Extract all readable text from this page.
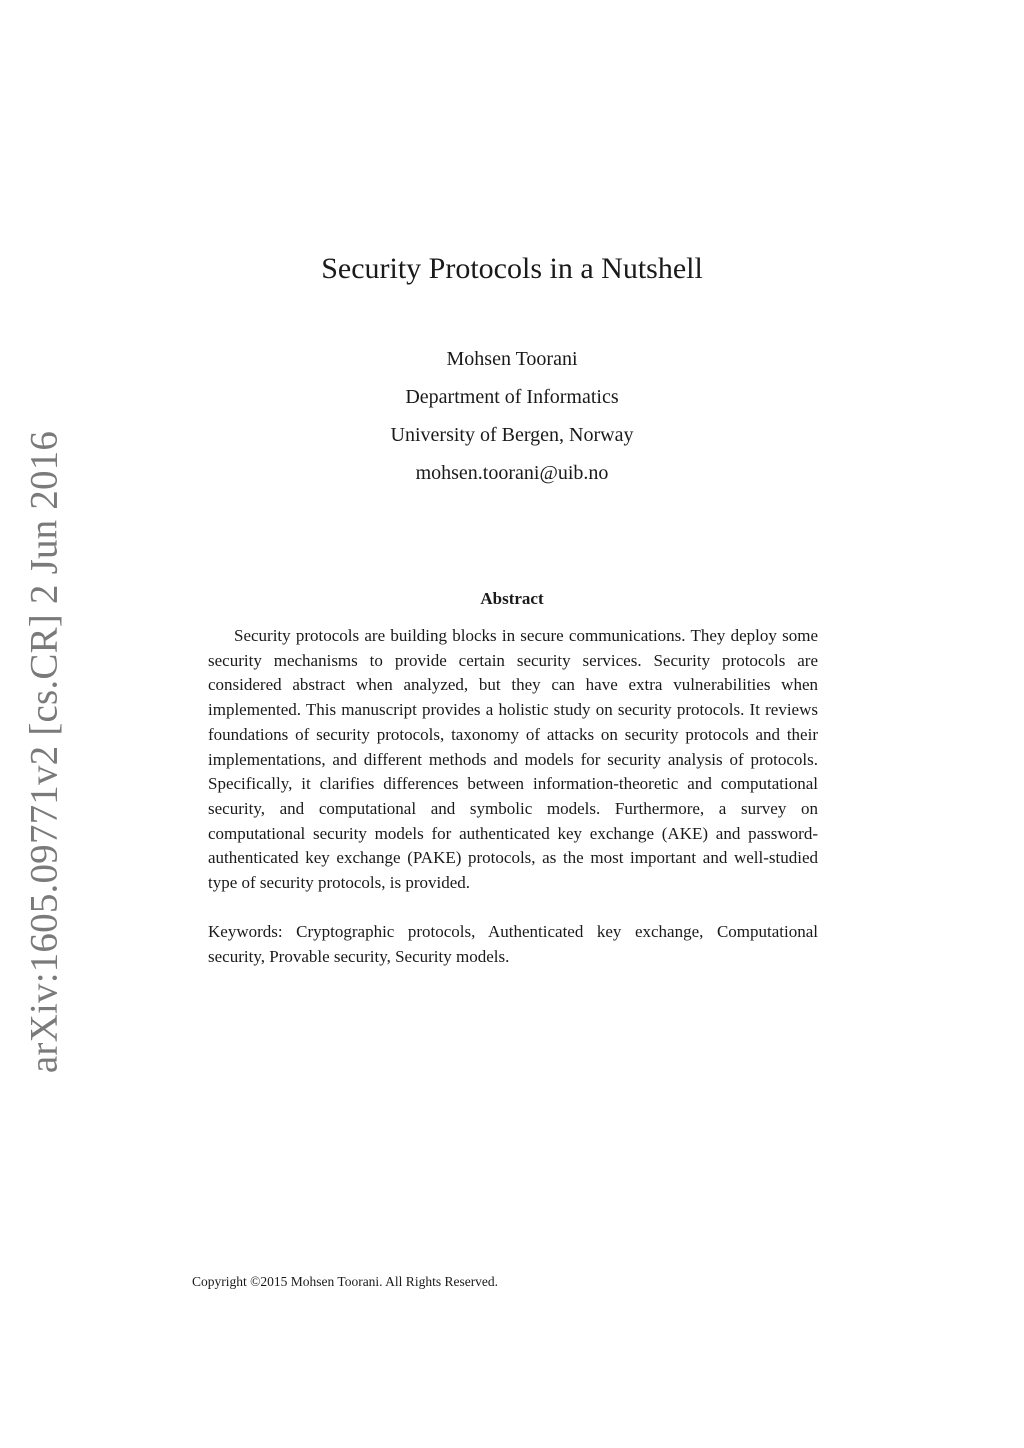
arXiv:1605.09771v2 [cs.CR] 2 Jun 2016
Security Protocols in a Nutshell
Mohsen Toorani
Department of Informatics
University of Bergen, Norway
mohsen.toorani@uib.no
Abstract
Security protocols are building blocks in secure communications. They deploy some security mechanisms to provide certain security services. Security protocols are considered abstract when analyzed, but they can have extra vulnerabilities when implemented. This manuscript provides a holistic study on security protocols. It reviews foundations of security protocols, taxonomy of attacks on security protocols and their implementations, and different methods and models for security analysis of protocols. Specifically, it clarifies differences between information-theoretic and computational security, and computational and symbolic models. Furthermore, a survey on computational security models for authenticated key exchange (AKE) and password-authenticated key exchange (PAKE) protocols, as the most important and well-studied type of security protocols, is provided.
Keywords: Cryptographic protocols, Authenticated key exchange, Computational security, Provable security, Security models.
Copyright ©2015 Mohsen Toorani. All Rights Reserved.
